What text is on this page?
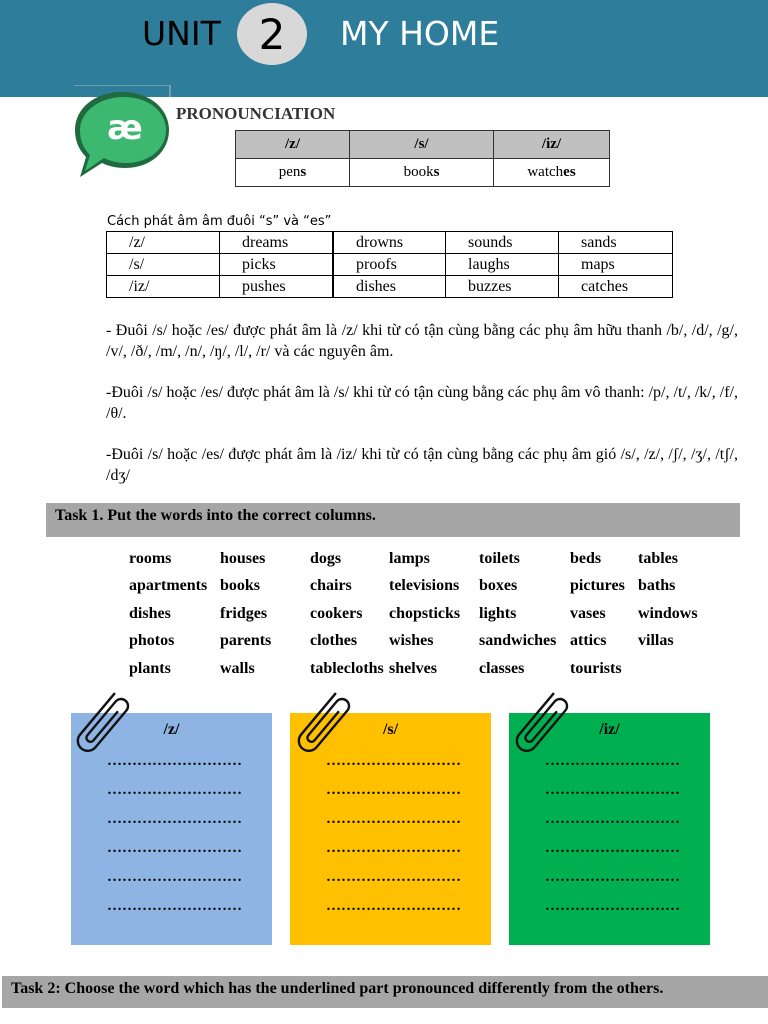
UNIT 2	MY HOME
æ PRONOUNCIATION
/z/	/s/	/iz/
pens	books	watches
Cách phát âm âm đuôi “s” và “es”
/z/	dreams	drowns	sounds	sands
/s/	picks	proofs	laughs	maps
/iz/	pushes	dishes	buzzes	catches
- Đuôi /s/ hoặc /es/ được phát âm là /z/ khi từ có tận cùng bằng các phụ âm hữu thanh /b/, /d/, /g/, /v/, /ð/, /m/, /n/, /ŋ/, /l/, /r/ và các nguyên âm.
-Đuôi /s/ hoặc /es/ được phát âm là /s/ khi từ có tận cùng bằng các phụ âm vô thanh: /p/, /t/, /k/, /f/, /θ/.
-Đuôi /s/ hoặc /es/ được phát âm là /iz/ khi từ có tận cùng bằng các phụ âm gió /s/, /z/, /ʃ/, /ʒ/, /tʃ/, /dʒ/
Task 1. Put the words into the correct columns.
rooms	houses	dogs	lamps	toilets	beds tables
apartments books	chairs televisions boxes	pictures baths
dishes	fridges	cookers chopsticks lights	vases windows
photos	parents clothes wishes	sandwiches attics villas
plants	walls	tablecloths shelves	classes	tourists
/z/
………………………
………………………
………………………
………………………
………………………
………………………
/s/
………………………
………………………
………………………
………………………
………………………
………………………
/iz/
………………………
………………………
………………………
………………………
………………………
………………………
Task 2: Choose the word which has the underlined part pronounced differently from the others.
